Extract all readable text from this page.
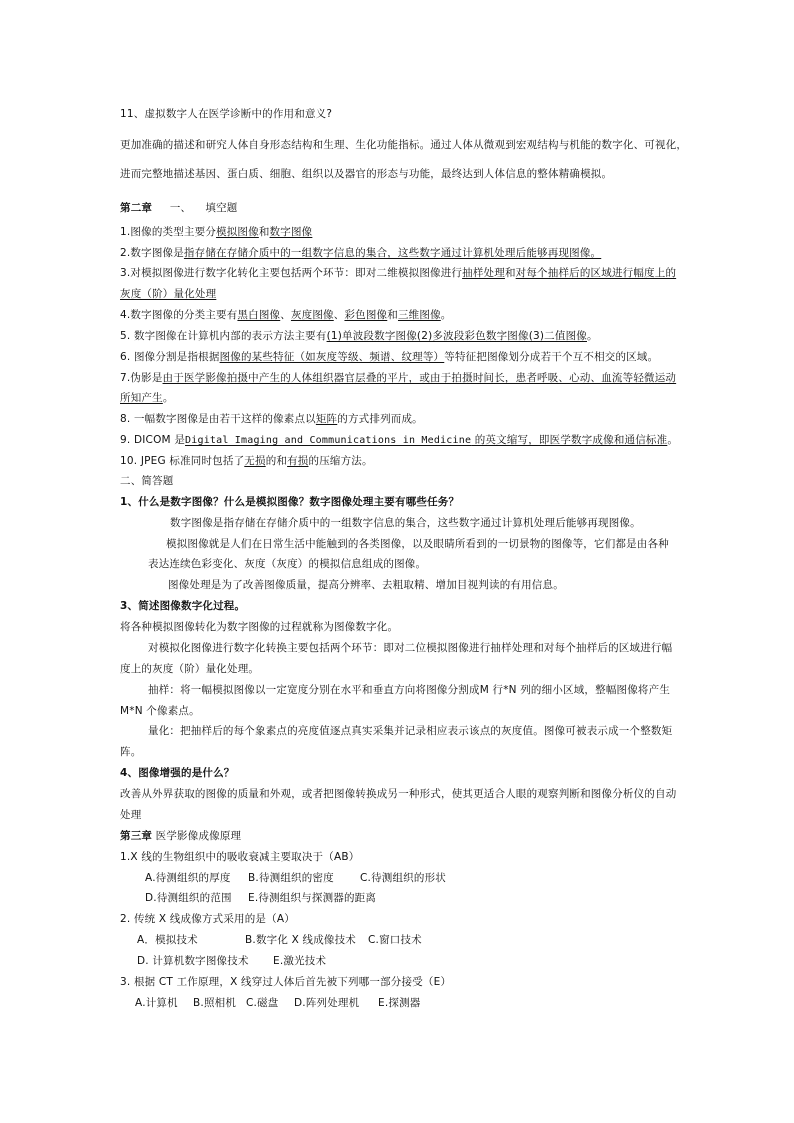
11、虚拟数字人在医学诊断中的作用和意义?
更加准确的描述和研究人体自身形态结构和生理、生化功能指标。通过人体从微观到宏观结构与机能的数字化、可视化，
进而完整地描述基因、蛋白质、细胞、组织以及器官的形态与功能，最终达到人体信息的整体精确模拟。
第二章 一、 填空题
1.图像的类型主要分模拟图像和数字图像
2.数字图像是指存储在存储介质中的一组数字信息的集合，这些数字通过计算机处理后能够再现图像。
3.对模拟图像进行数字化转化主要包括两个环节：即对二维模拟图像进行抽样处理和对每个抽样后的区域进行幅度上的
灰度（阶）量化处理
4.数字图像的分类主要有黑白图像、灰度图像、彩色图像和三维图像。
5. 数字图像在计算机内部的表示方法主要有(1)单波段数字图像(2)多波段彩色数字图像(3)二值图像。
6. 图像分割是指根据图像的某些特征（如灰度等级、频谱、纹理等）等特征把图像划分成若干个互不相交的区域。
7.伪影是由于医学影像拍摄中产生的人体组织器官层叠的平片，或由于拍摄时间长，患者呼吸、心动、血流等轻微运动
所知产生。
8. 一幅数字图像是由若干这样的像素点以矩阵的方式排列而成。
9. DICOM 是Digital Imaging and Communications in Medicine 的英文缩写，即医学数字成像和通信标准。
10. JPEG 标准同时包括了无损的和有损的压缩方法。
二、简答题
1、什么是数字图像？什么是模拟图像？数字图像处理主要有哪些任务？
数字图像是指存储在存储介质中的一组数字信息的集合，这些数字通过计算机处理后能够再现图像。
模拟图像就是人们在日常生活中能触到的各类图像，以及眼睛所看到的一切景物的图像等，它们都是由各种
表达连续色彩变化、灰度（灰度）的模拟信息组成的图像。
图像处理是为了改善图像质量，提高分辨率、去粗取精、增加目视判读的有用信息。
3、简述图像数字化过程。
将各种模拟图像转化为数字图像的过程就称为图像数字化。
对模拟化图像进行数字化转换主要包括两个环节：即对二位模拟图像进行抽样处理和对每个抽样后的区域进行幅
度上的灰度（阶）量化处理。
抽样：将一幅模拟图像以一定宽度分别在水平和垂直方向将图像分割成M 行*N 列的细小区域，整幅图像将产生
M*N 个像素点。
量化：把抽样后的每个象素点的亮度值逐点真实采集并记录相应表示该点的灰度值。图像可被表示成一个整数矩
阵。
4、图像增强的是什么？
改善从外界获取的图像的质量和外观，或者把图像转换成另一种形式，使其更适合人眼的观察判断和图像分析仪的自动
处理
第三章 医学影像成像原理
1.X 线的生物组织中的吸收衰减主要取决于（AB）
A.待测组织的厚度 B.待测组织的密度 C.待测组织的形状
D.待测组织的范围 E.待测组织与探测器的距离
2. 传统 X 线成像方式采用的是（A）
A．模拟技术	B.数字化 X 线成像技术 C.窗口技术
D. 计算机数字图像技术 E.激光技术
3. 根据 CT 工作原理，X 线穿过人体后首先被下列哪一部分接受（E）
A.计算机 B.照相机 C.磁盘 D.阵列处理机 E.探测器
